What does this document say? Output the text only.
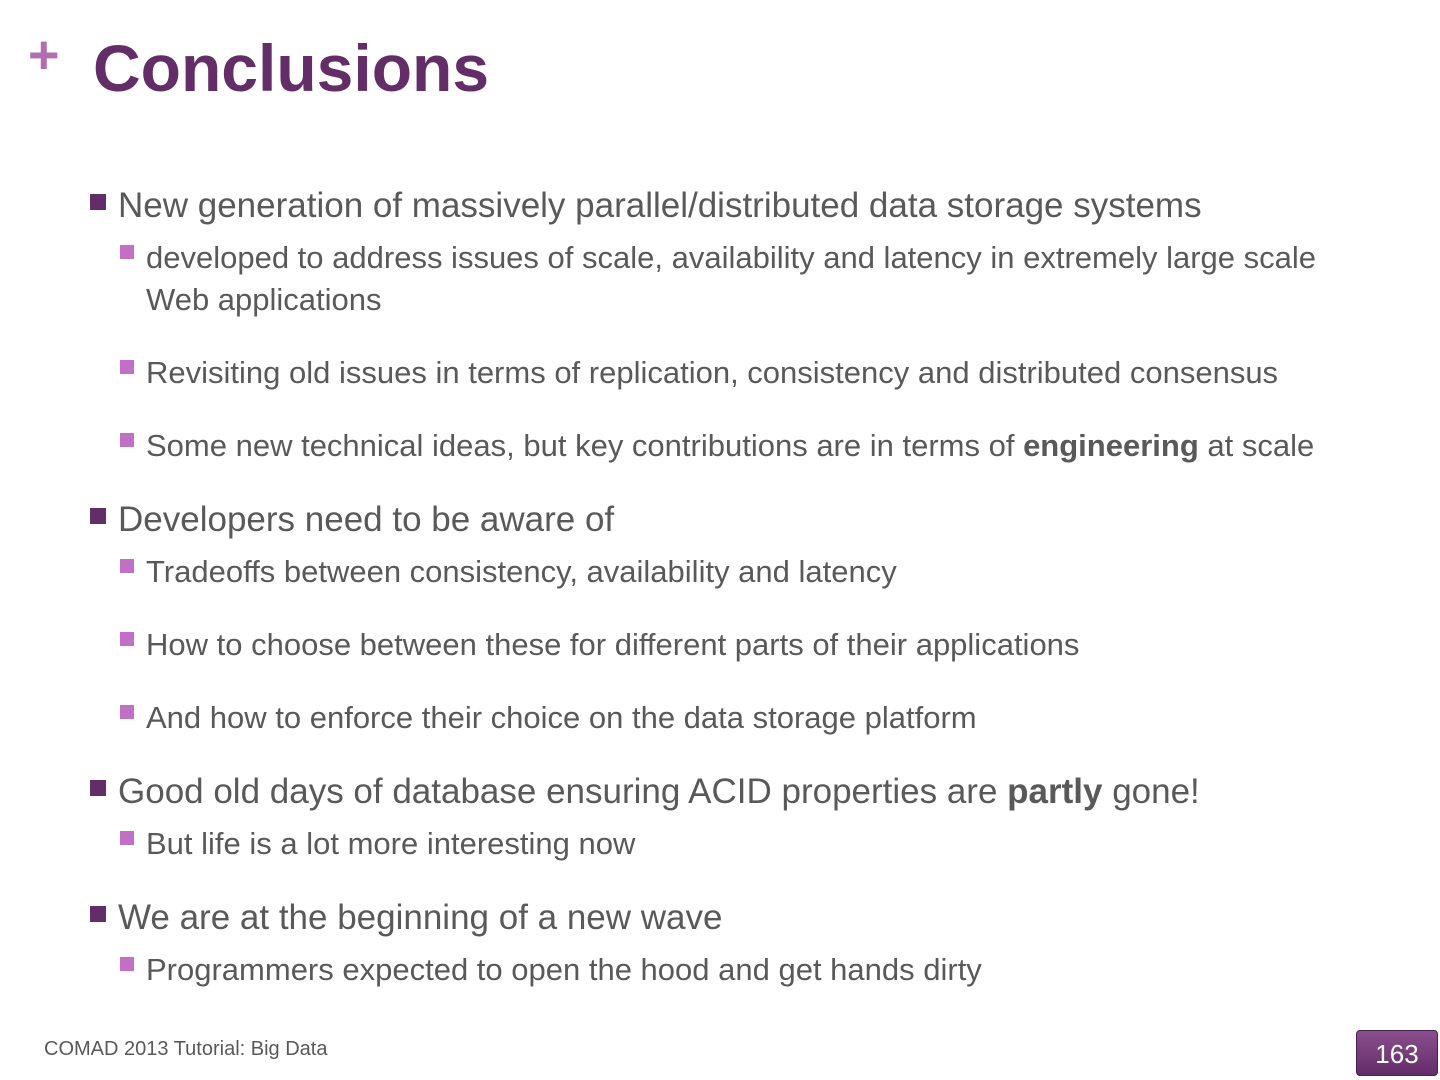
+ Conclusions

New generation of massively parallel/distributed data storage systems

developed to address issues of scale, availability and latency in extremely large scale Web applications

Revisiting old issues in terms of replication, consistency and distributed consensus

Some new technical ideas, but key contributions are in terms of engineering at scale

Developers need to be aware of

Tradeoffs between consistency, availability and latency

How to choose between these for different parts of their applications

And how to enforce their choice on the data storage platform

Good old days of database ensuring ACID properties are partly gone!

But life is a lot more interesting now

We are at the beginning of a new wave

Programmers expected to open the hood and get hands dirty

COMAD 2013 Tutorial: Big Data	163
